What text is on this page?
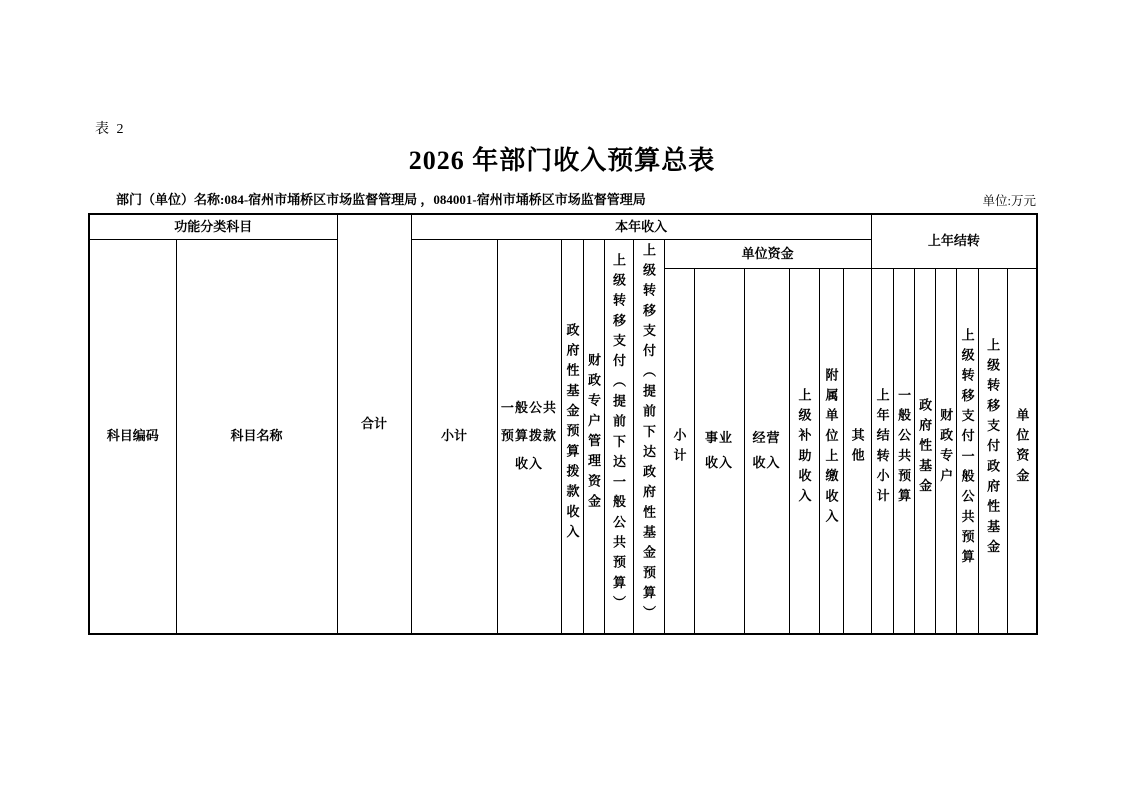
表 2
2026 年部门收入预算总表
部门（单位）名称:084-宿州市埇桥区市场监督管理局 ，084001-宿州市埇桥区市场监督管理局	单位:万元
功能分类科目		合计	本年收入												上年结转						
科目编码	科目名称		小计	一般公共预算拨款收入	政府性基金预算拨款收入	财政专户管理资金	上级转移支付（提前下达一般公共预算）	上级转移支付（提前下达政府性基金预算）	单位资金												
									小计	事业收入	经营收入	上级补助收入	附属单位上缴收入	其他	上年结转小计	一般公共预算	政府性基金	财政专户	上级转移支付一般公共预算	上级转移支付政府性基金	单位资金
